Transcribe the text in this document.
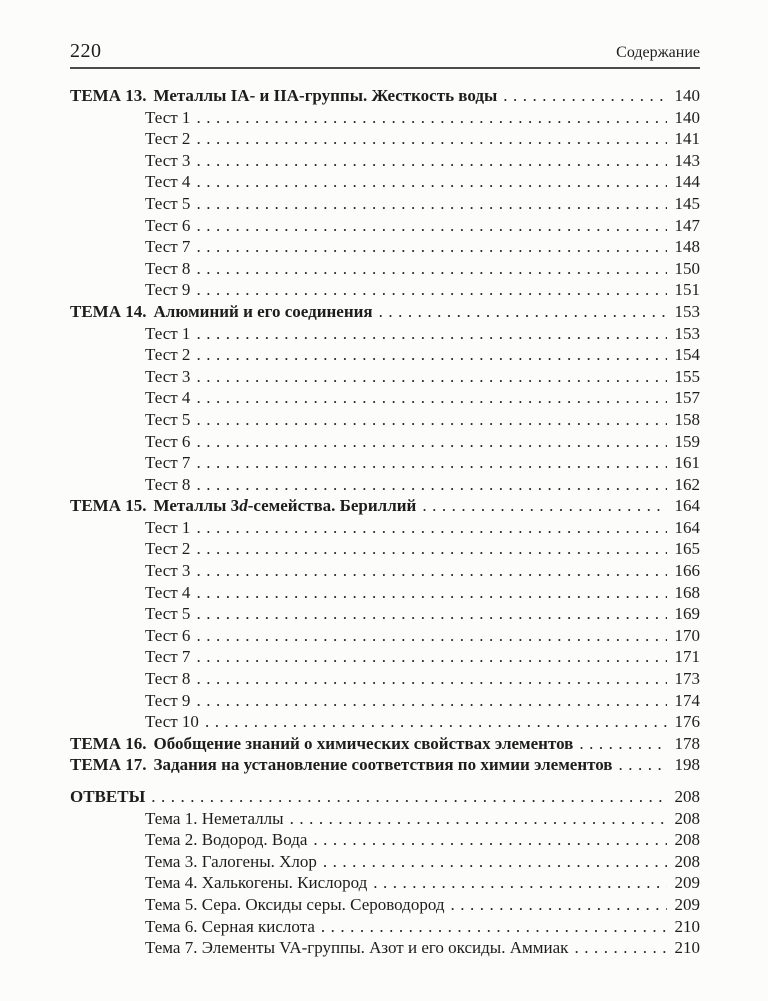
220	Содержание
ТЕМА 13. Металлы IA- и IIA-группы. Жесткость воды .....	140
Тест 1 .....	140
Тест 2 .....	141
Тест 3 .....	143
Тест 4 .....	144
Тест 5 .....	145
Тест 6 .....	147
Тест 7 .....	148
Тест 8 .....	150
Тест 9 .....	151
ТЕМА 14. Алюминий и его соединения .....	153
Тест 1 .....	153
Тест 2 .....	154
Тест 3 .....	155
Тест 4 .....	157
Тест 5 .....	158
Тест 6 .....	159
Тест 7 .....	161
Тест 8 .....	162
ТЕМА 15. Металлы 3d-семейства. Бериллий .....	164
Тест 1 .....	164
Тест 2 .....	165
Тест 3 .....	166
Тест 4 .....	168
Тест 5 .....	169
Тест 6 .....	170
Тест 7 .....	171
Тест 8 .....	173
Тест 9 .....	174
Тест 10 .....	176
ТЕМА 16. Обобщение знаний о химических свойствах элементов .....	178
ТЕМА 17. Задания на установление соответствия по химии элементов .....	198
ОТВЕТЫ .....	208
Тема 1. Неметаллы .....	208
Тема 2. Водород. Вода .....	208
Тема 3. Галогены. Хлор .....	208
Тема 4. Халькогены. Кислород .....	209
Тема 5. Сера. Оксиды серы. Сероводород .....	209
Тема 6. Серная кислота .....	210
Тема 7. Элементы VA-группы. Азот и его оксиды. Аммиак .....	210
